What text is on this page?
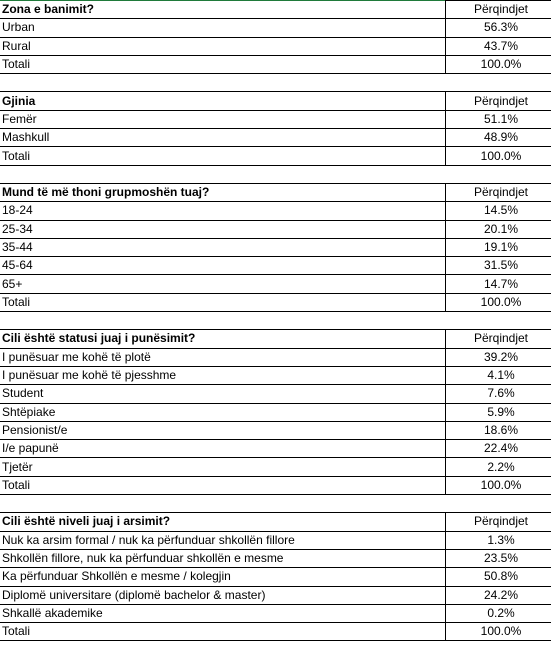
Zona e banimit?	Përqindjet
Urban	56.3%
Rural	43.7%
Totali	100.0%

Gjinia	Përqindjet
Femër	51.1%
Mashkull	48.9%
Totali	100.0%

Mund të më thoni grupmoshën tuaj?	Përqindjet
18-24	14.5%
25-34	20.1%
35-44	19.1%
45-64	31.5%
65+	14.7%
Totali	100.0%

Cili është statusi juaj i punësimit?	Përqindjet
I punësuar me kohë të plotë	39.2%
I punësuar me kohë të pjesshme	4.1%
Student	7.6%
Shtëpiake	5.9%
Pensionist/e	18.6%
I/e papunë	22.4%
Tjetër	2.2%
Totali	100.0%

Cili është niveli juaj i arsimit?	Përqindjet
Nuk ka arsim formal / nuk ka përfunduar shkollën fillore	1.3%
Shkollën fillore, nuk ka përfunduar shkollën e mesme	23.5%
Ka përfunduar Shkollën e mesme / kolegjin	50.8%
Diplomë universitare (diplomë bachelor & master)	24.2%
Shkallë akademike	0.2%
Totali	100.0%
